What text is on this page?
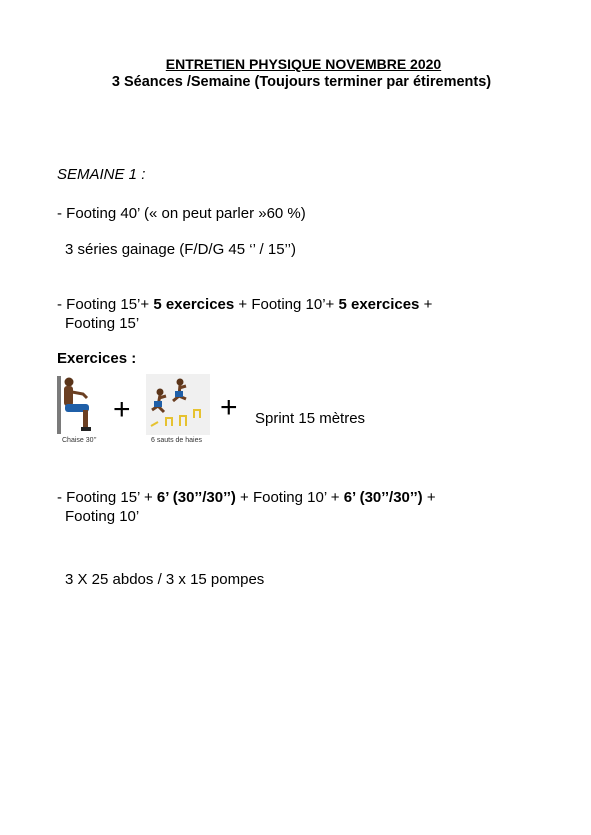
ENTRETIEN PHYSIQUE NOVEMBRE 2020
3 Séances /Semaine (Toujours terminer par étirements)
SEMAINE 1 :
- Footing 40’ (« on peut parler »60 %)
3 séries gainage (F/D/G 45 ‘’ / 15’’)
- Footing 15’+ 5 exercices + Footing 10’+ 5 exercices +
Footing 15’
Exercices :
Chaise 30’’
+
6 sauts de haies
+ Sprint 15 mètres
- Footing 15’ + 6’ (30’’/30’’) + Footing 10’ + 6’ (30’’/30’’) +
Footing 10’
3 X 25 abdos / 3 x 15 pompes
